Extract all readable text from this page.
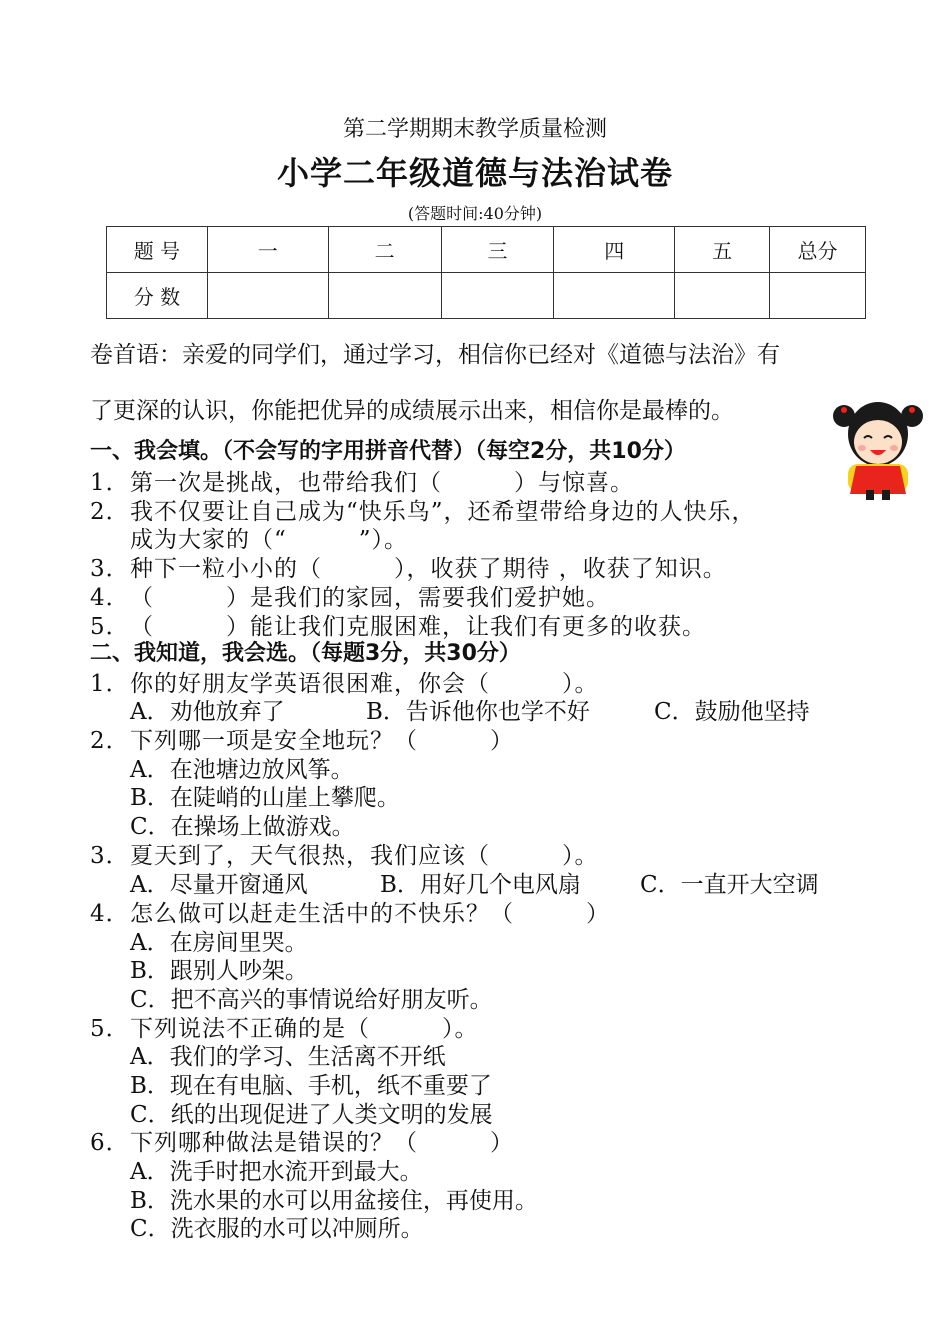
第二学期期末教学质量检测
小学二年级道德与法治试卷
(答题时间:40分钟)
题 号	一	二	三	四	五	总分
分 数						
卷首语：亲爱的同学们，通过学习，相信你已经对《道德与法治》有
了更深的认识，你能把优异的成绩展示出来，相信你是最棒的。
一、我会填。（不会写的字用拼音代替）（每空2分，共10分）
1．第一次是挑战，也带给我们（　　　）与惊喜。
2．我不仅要让自己成为“快乐鸟”，还希望带给身边的人快乐，
成为大家的（“　　　”）。
3．种下一粒小小的（　　　），收获了期待 ，收获了知识。
4．（　　　）是我们的家园，需要我们爱护她。
5．（　　　）能让我们克服困难，让我们有更多的收获。
二、我知道，我会选。（每题3分，共30分）
1．你的好朋友学英语很困难，你会（　　　）。
A．劝他放弃了	B．告诉他你也学不好	C．鼓励他坚持
2．下列哪一项是安全地玩？（　　　）
A．在池塘边放风筝。
B．在陡峭的山崖上攀爬。
C．在操场上做游戏。
3．夏天到了，天气很热，我们应该（　　　）。
A．尽量开窗通风	B．用好几个电风扇	C．一直开大空调
4．怎么做可以赶走生活中的不快乐？（　　　）
A．在房间里哭。
B．跟别人吵架。
C．把不高兴的事情说给好朋友听。
5．下列说法不正确的是（　　　）。
A．我们的学习、生活离不开纸
B．现在有电脑、手机，纸不重要了
C．纸的出现促进了人类文明的发展
6．下列哪种做法是错误的？（　　　）
A．洗手时把水流开到最大。
B．洗水果的水可以用盆接住，再使用。
C．洗衣服的水可以冲厕所。
